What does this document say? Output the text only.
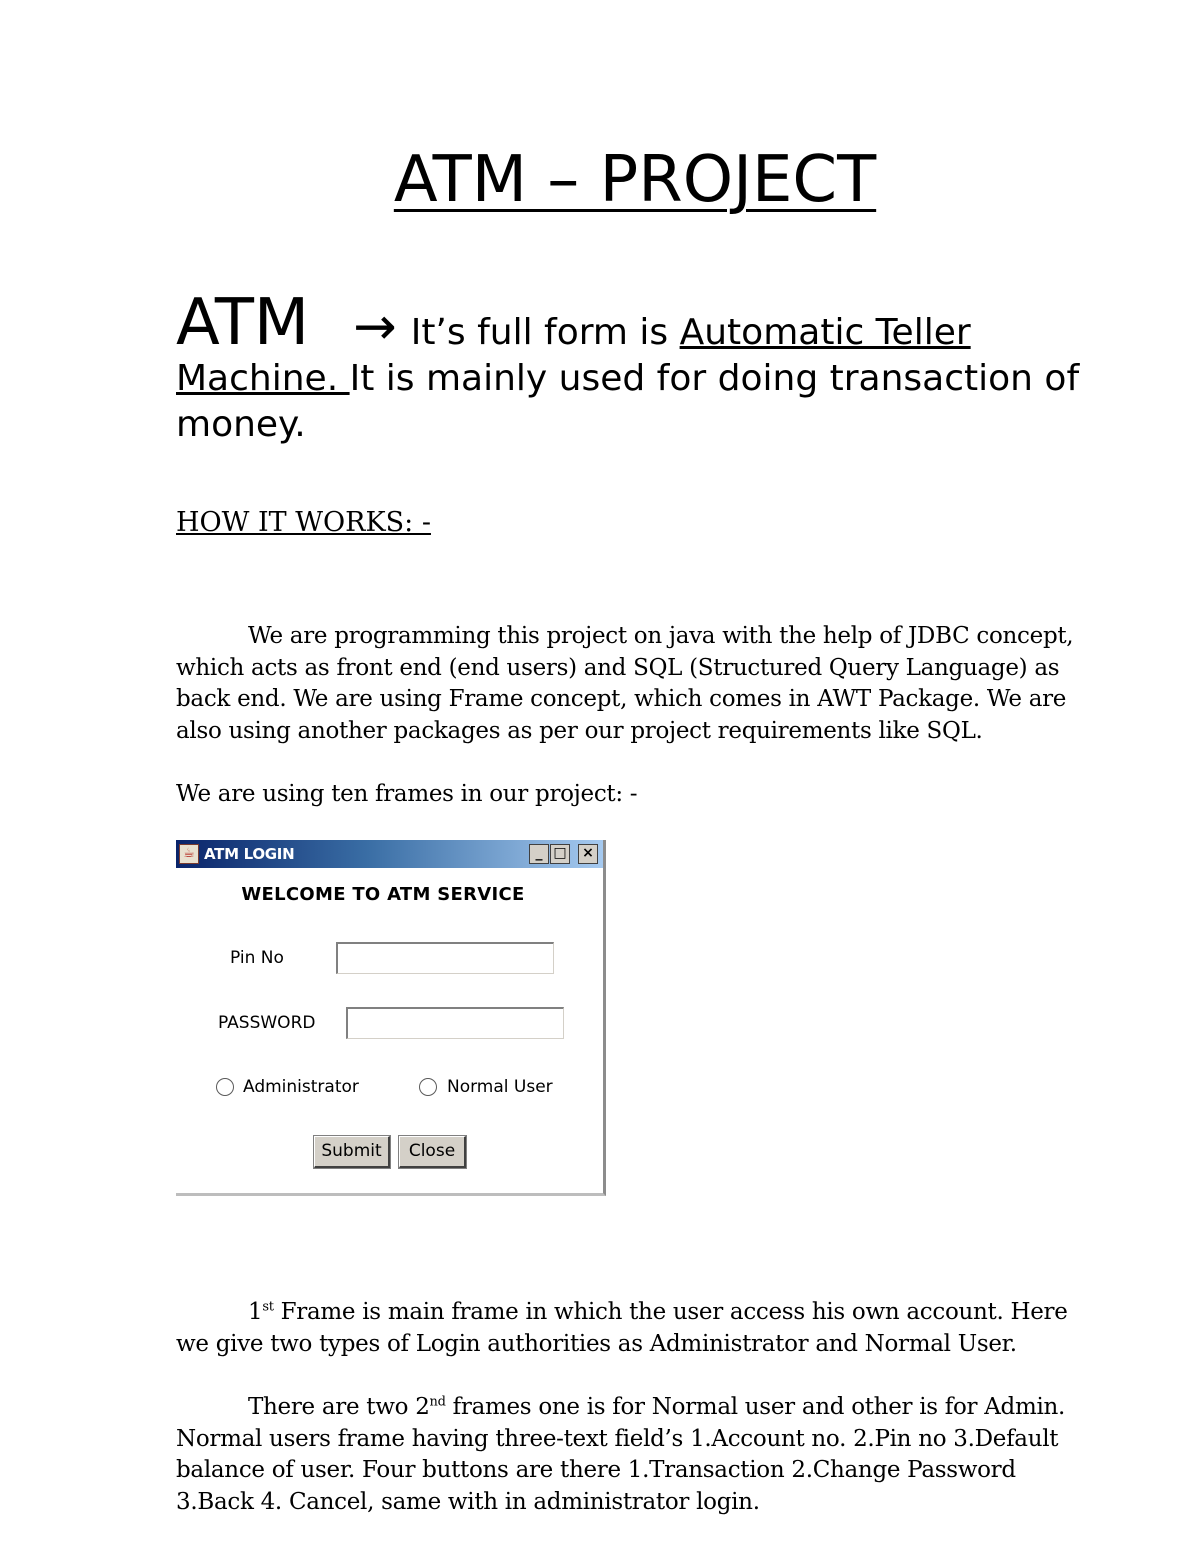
ATM – PROJECT
ATM → It’s full form is Automatic Teller Machine. It is mainly used for doing transaction of money.
HOW IT WORKS: -
We are programming this project on java with the help of JDBC concept, which acts as front end (end users) and SQL (Structured Query Language) as back end. We are using Frame concept, which comes in AWT Package. We are also using another packages as per our project requirements like SQL.
We are using ten frames in our project: -
☕ ATM LOGIN	_ □ ×
WELCOME TO ATM SERVICE
Pin No
PASSWORD
Administrator	Normal User
Submit	Close
1st Frame is main frame in which the user access his own account. Here we give two types of Login authorities as Administrator and Normal User.
There are two 2nd frames one is for Normal user and other is for Admin. Normal users frame having three-text field’s 1.Account no. 2.Pin no 3.Default balance of user. Four buttons are there 1.Transaction 2.Change Password 3.Back 4. Cancel, same with in administrator login.
